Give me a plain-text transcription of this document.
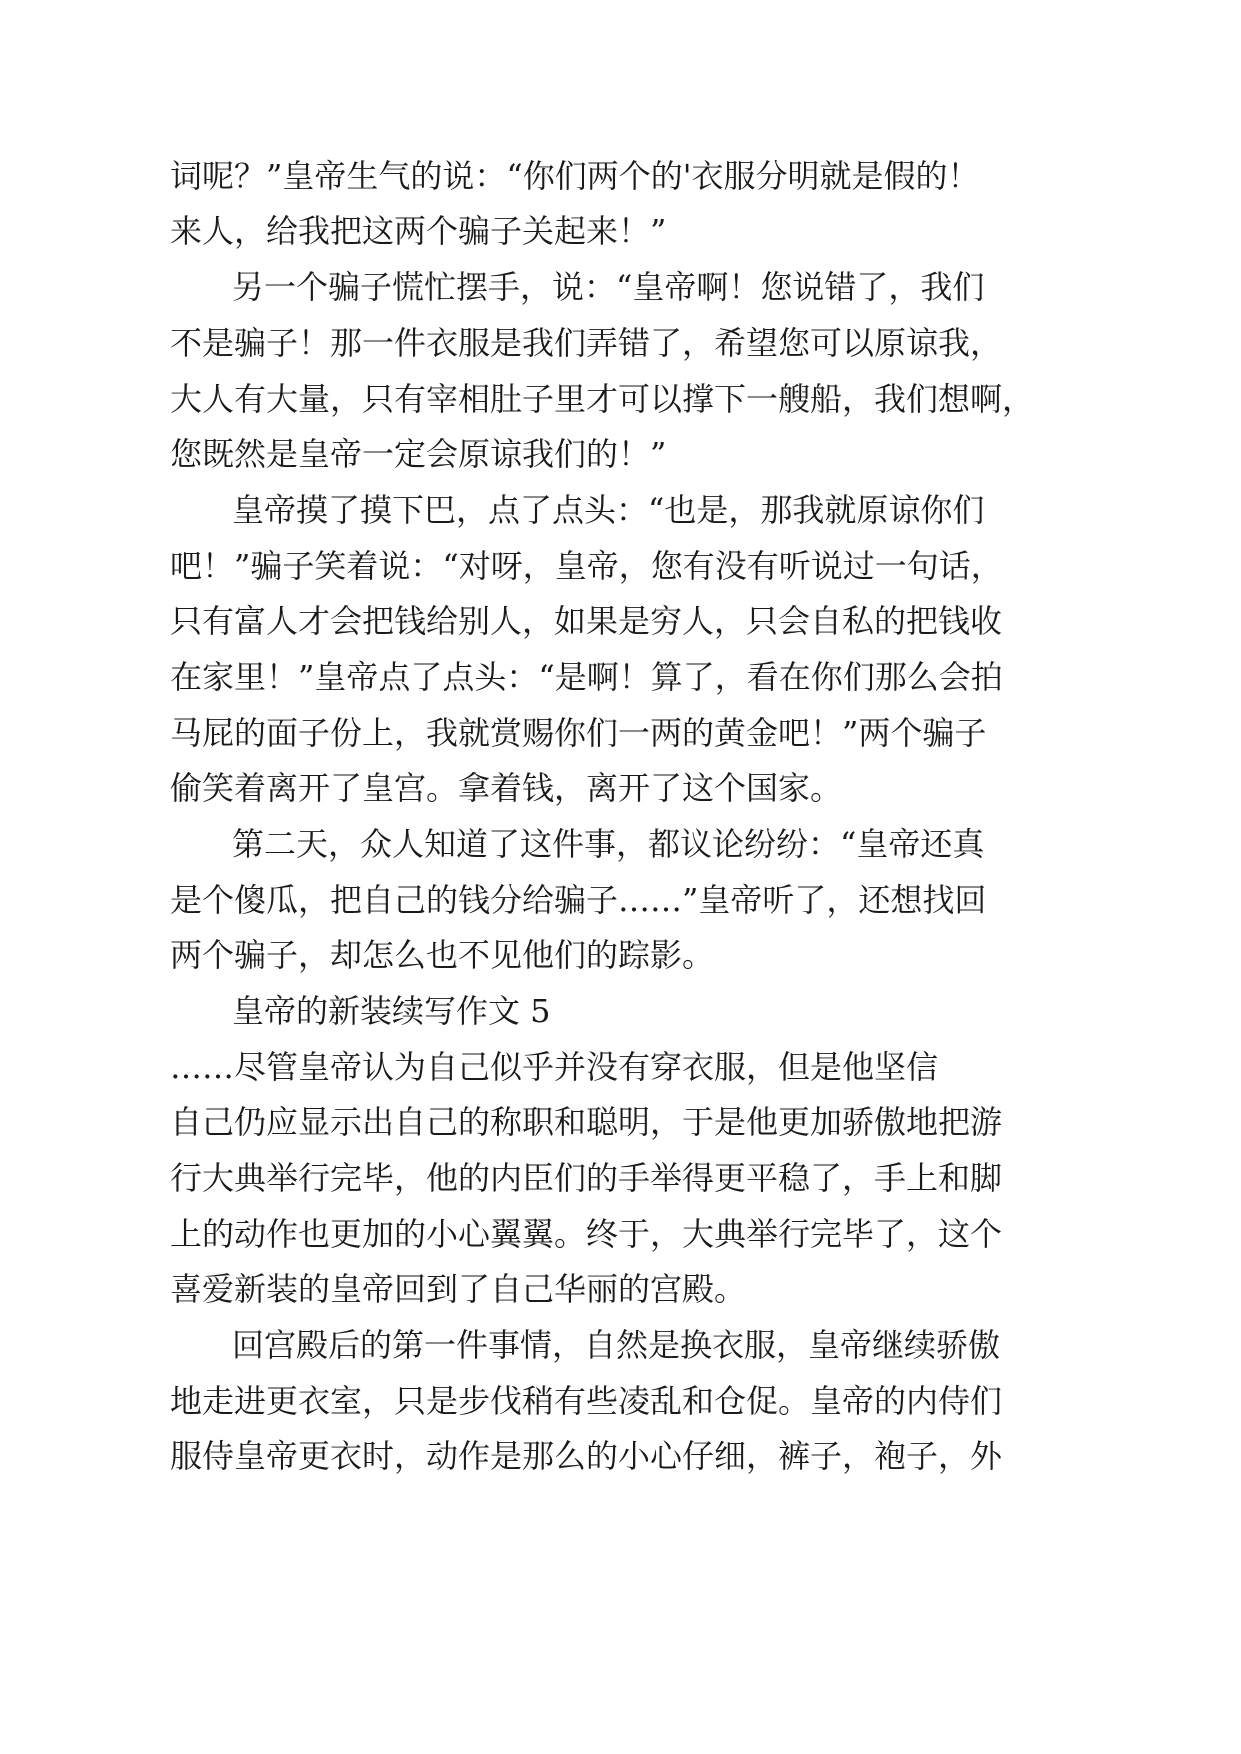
词呢？”皇帝生气的说：“你们两个的'衣服分明就是假的！
来人，给我把这两个骗子关起来！”
另一个骗子慌忙摆手，说：“皇帝啊！您说错了，我们
不是骗子！那一件衣服是我们弄错了，希望您可以原谅我，
大人有大量，只有宰相肚子里才可以撑下一艘船，我们想啊，
您既然是皇帝一定会原谅我们的！”
皇帝摸了摸下巴，点了点头：“也是，那我就原谅你们
吧！”骗子笑着说：“对呀，皇帝，您有没有听说过一句话，
只有富人才会把钱给别人，如果是穷人，只会自私的把钱收
在家里！”皇帝点了点头：“是啊！算了，看在你们那么会拍
马屁的面子份上，我就赏赐你们一两的黄金吧！”两个骗子
偷笑着离开了皇宫。拿着钱，离开了这个国家。
第二天，众人知道了这件事，都议论纷纷：“皇帝还真
是个傻瓜，把自己的钱分给骗子……”皇帝听了，还想找回
两个骗子，却怎么也不见他们的踪影。
皇帝的新装续写作文 5
……尽管皇帝认为自己似乎并没有穿衣服，但是他坚信
自己仍应显示出自己的称职和聪明，于是他更加骄傲地把游
行大典举行完毕，他的内臣们的手举得更平稳了，手上和脚
上的动作也更加的小心翼翼。终于，大典举行完毕了，这个
喜爱新装的皇帝回到了自己华丽的宫殿。
回宫殿后的第一件事情，自然是换衣服，皇帝继续骄傲
地走进更衣室，只是步伐稍有些凌乱和仓促。皇帝的内侍们
服侍皇帝更衣时，动作是那么的小心仔细，裤子，袍子，外
